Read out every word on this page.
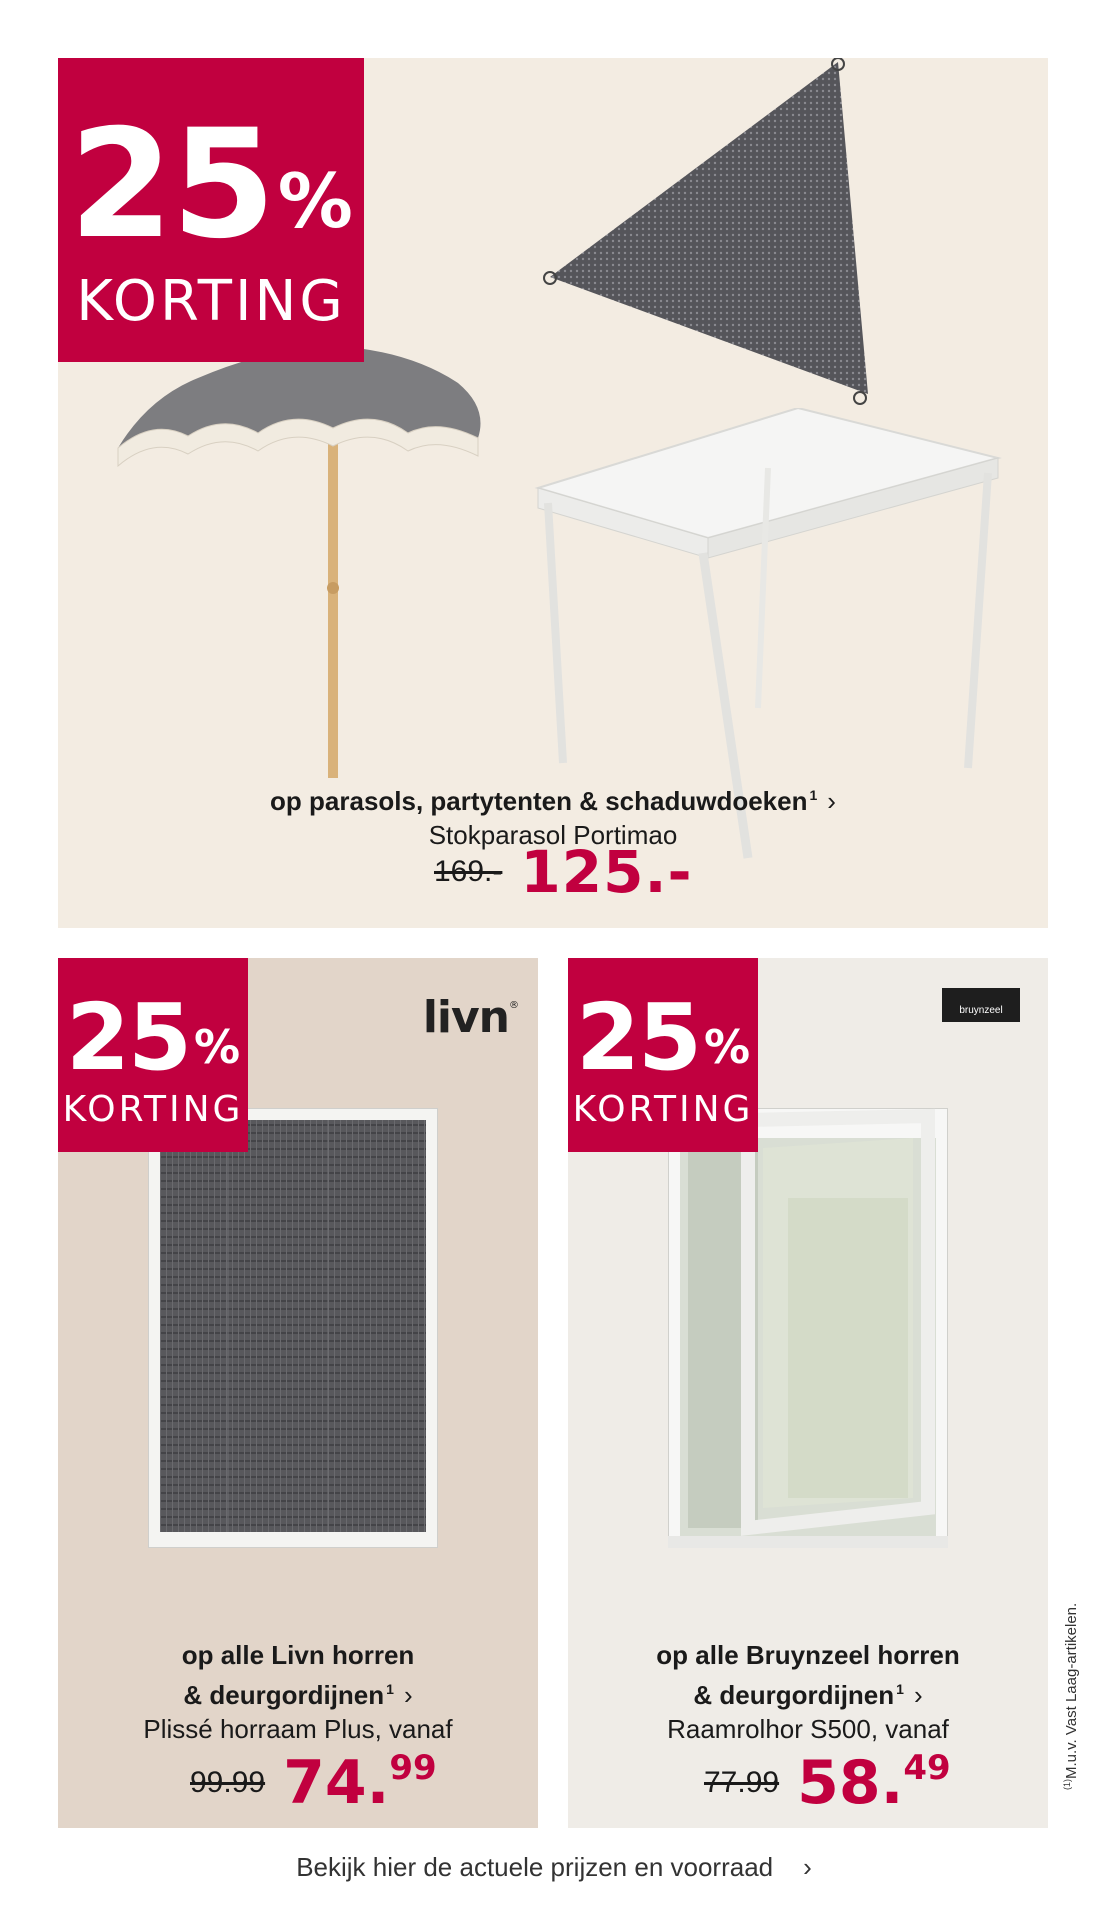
25%
KORTING
op parasols, partytenten & schaduwdoeken $^1$ ›
Stokparasol Portimao
169.- 125.-
25%
KORTING
livn®
op alle Livn horren
& deurgordijnen $^1$ ›
Plissé horraam Plus, vanaf
99.99 74.99
25%
KORTING
bruynzeel
op alle Bruynzeel horren
& deurgordijnen $^1$ ›
Raamrolhor S500, vanaf
77.99 58.49	$^{(1)}$M.u.v. Vast Laag-artikelen.
Bekijk hier de actuele prijzen en voorraad ›
